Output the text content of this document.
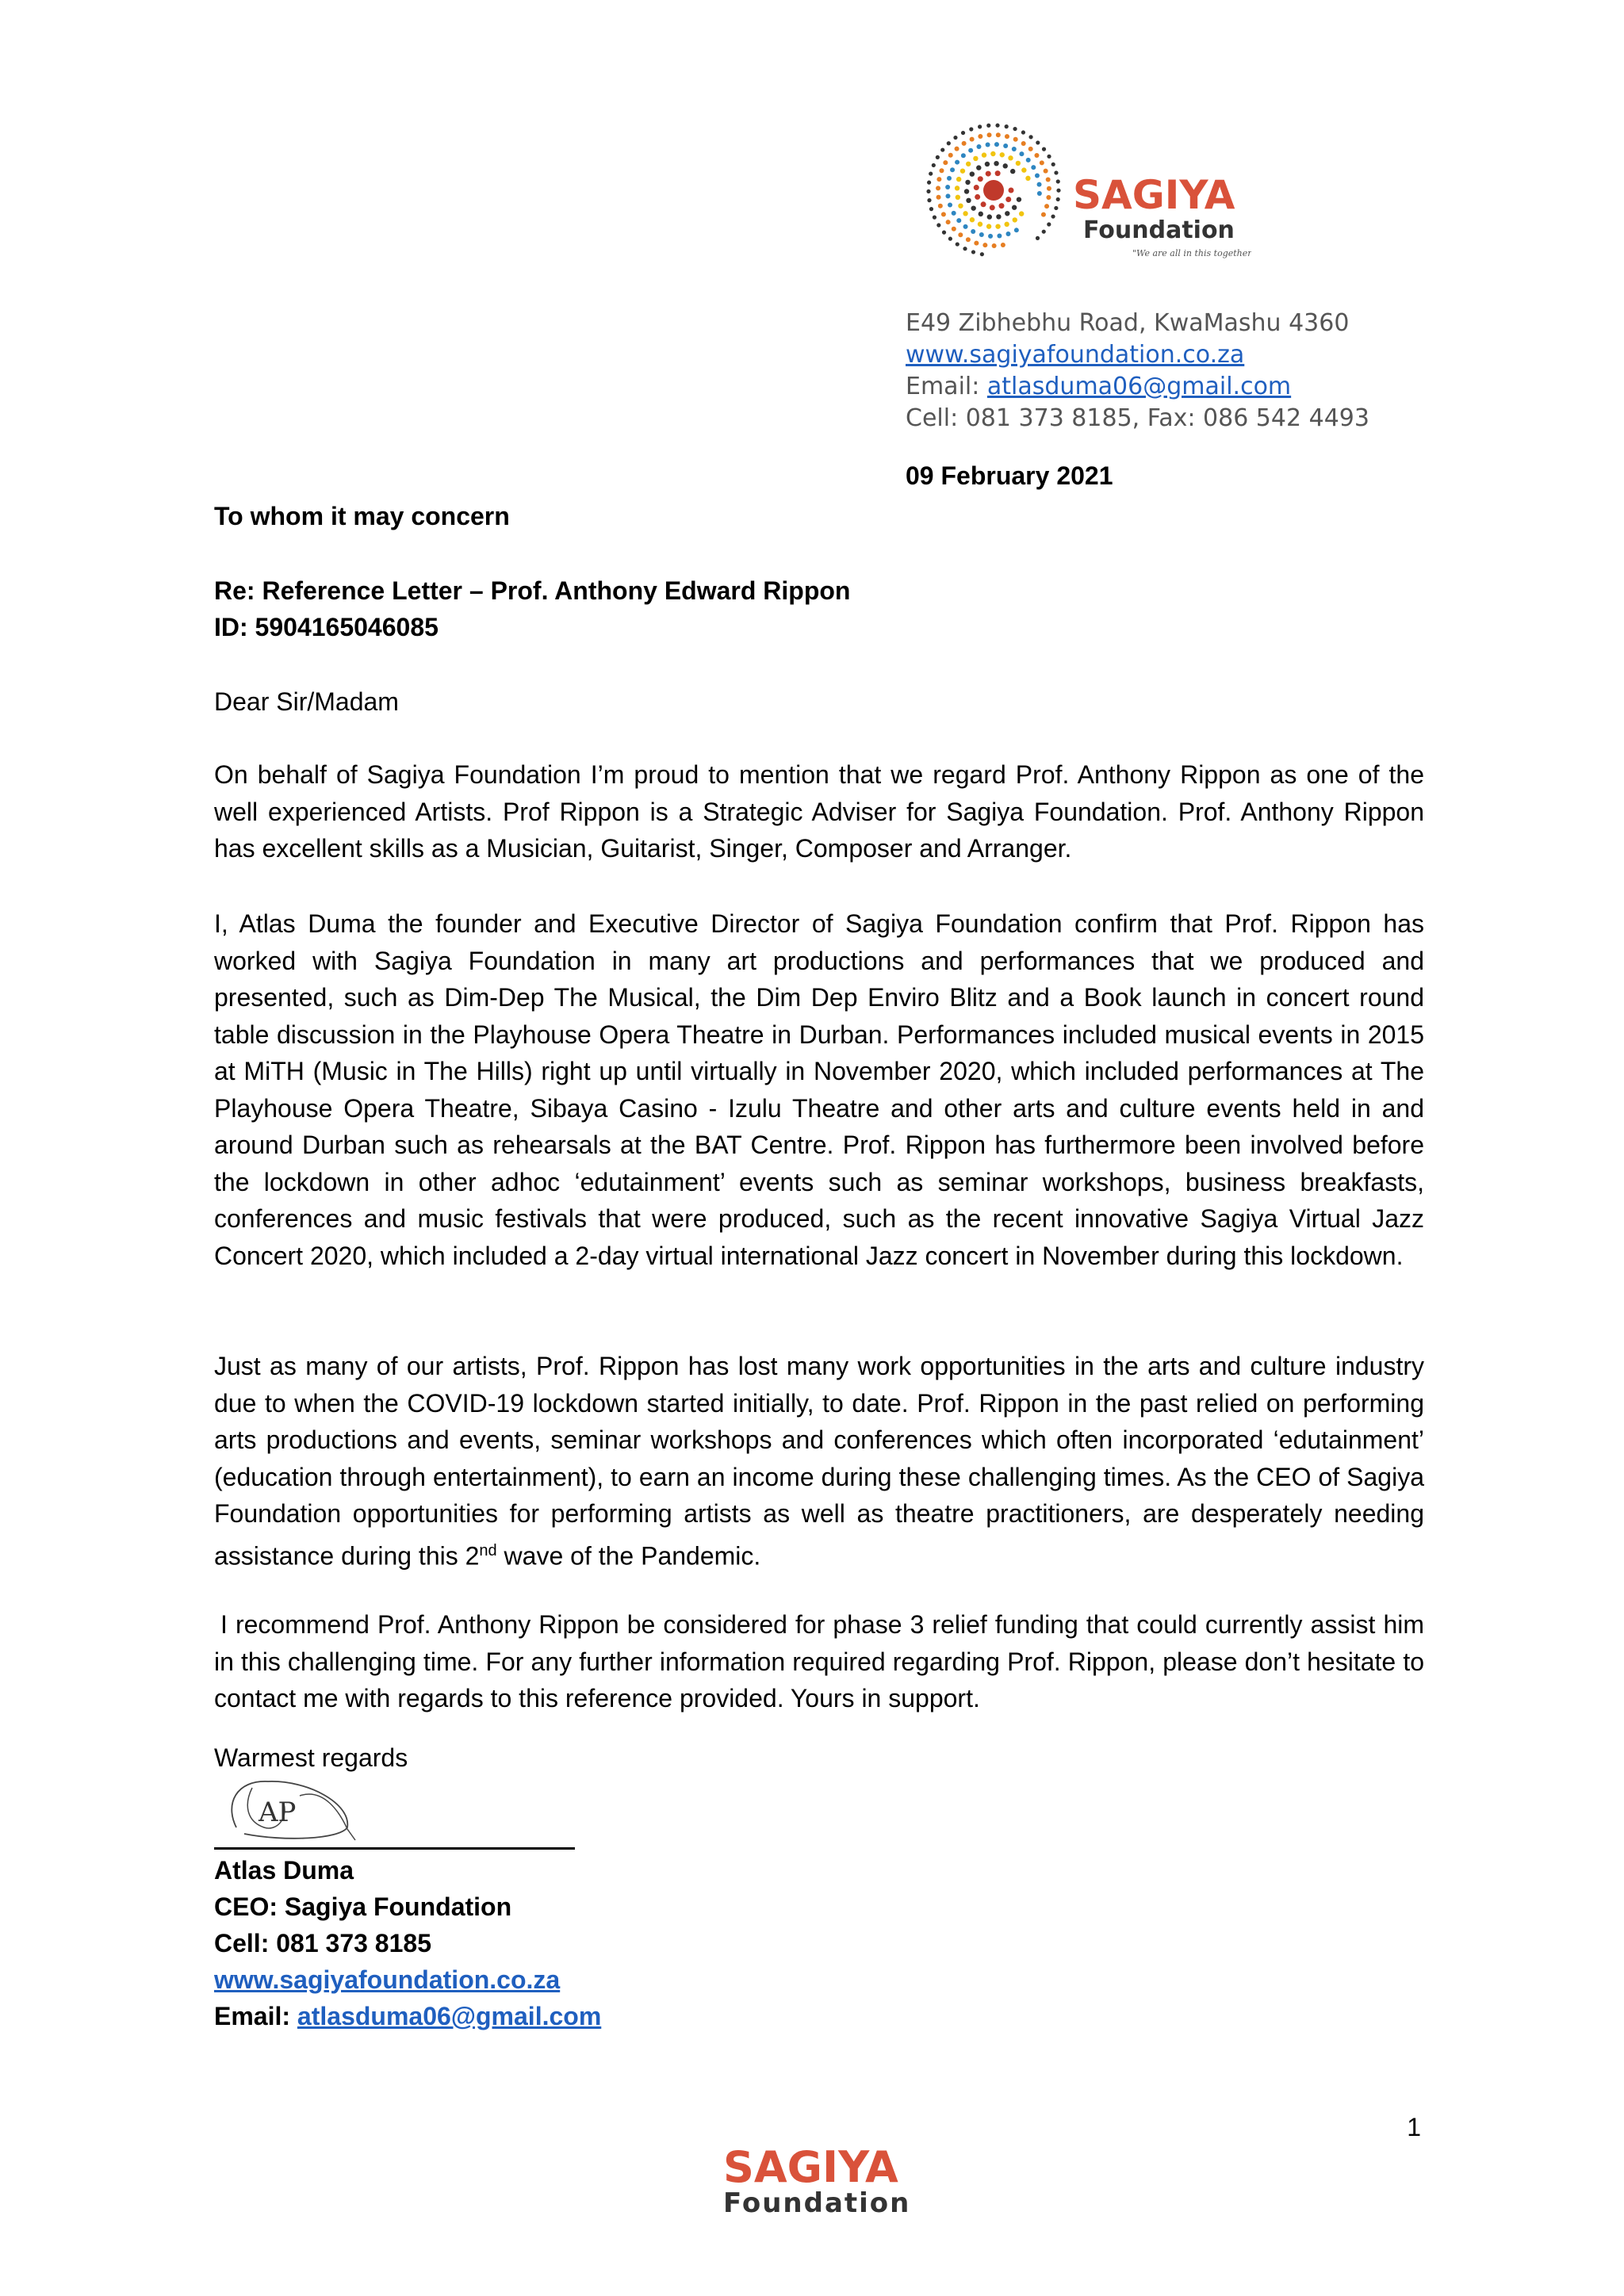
SAGIYA
Foundation
"We are all in this together"
E49 Zibhebhu Road, KwaMashu 4360
www.sagiyafoundation.co.za
Email: atlasduma06@gmail.com
Cell: 081 373 8185, Fax: 086 542 4493
09 February 2021
To whom it may concern
Re: Reference Letter – Prof. Anthony Edward Rippon
ID: 5904165046085
Dear Sir/Madam

On behalf of Sagiya Foundation I’m proud to mention that we regard Prof. Anthony Rippon as one of the well experienced Artists. Prof Rippon is a Strategic Adviser for Sagiya Foundation. Prof. Anthony Rippon has excellent skills as a Musician, Guitarist, Singer, Composer and Arranger.

I, Atlas Duma the founder and Executive Director of Sagiya Foundation confirm that Prof. Rippon has worked with Sagiya Foundation in many art productions and performances that we produced and presented, such as Dim-Dep The Musical, the Dim Dep Enviro Blitz and a Book launch in concert round table discussion in the Playhouse Opera Theatre in Durban. Performances included musical events in 2015 at MiTH (Music in The Hills) right up until virtually in November 2020, which included performances at The Playhouse Opera Theatre, Sibaya Casino - Izulu Theatre and other arts and culture events held in and around Durban such as rehearsals at the BAT Centre. Prof. Rippon has furthermore been involved before the lockdown in other adhoc ‘edutainment’ events such as seminar workshops, business breakfasts, conferences and music festivals that were produced, such as the recent innovative Sagiya Virtual Jazz Concert 2020, which included a 2-day virtual international Jazz concert in November during this lockdown.

Just as many of our artists, Prof. Rippon has lost many work opportunities in the arts and culture industry due to when the COVID-19 lockdown started initially, to date. Prof. Rippon in the past relied on performing arts productions and events, seminar workshops and conferences which often incorporated ‘edutainment’ (education through entertainment), to earn an income during these challenging times. As the CEO of Sagiya Foundation opportunities for performing artists as well as theatre practitioners, are desperately needing assistance during this 2nd wave of the Pandemic.

I recommend Prof. Anthony Rippon be considered for phase 3 relief funding that could currently assist him in this challenging time. For any further information required regarding Prof. Rippon, please don’t hesitate to contact me with regards to this reference provided. Yours in support.

Warmest regards
AP
Atlas Duma
CEO: Sagiya Foundation
Cell: 081 373 8185
www.sagiyafoundation.co.za
Email: atlasduma06@gmail.com
1
SAGIYA
Foundation
